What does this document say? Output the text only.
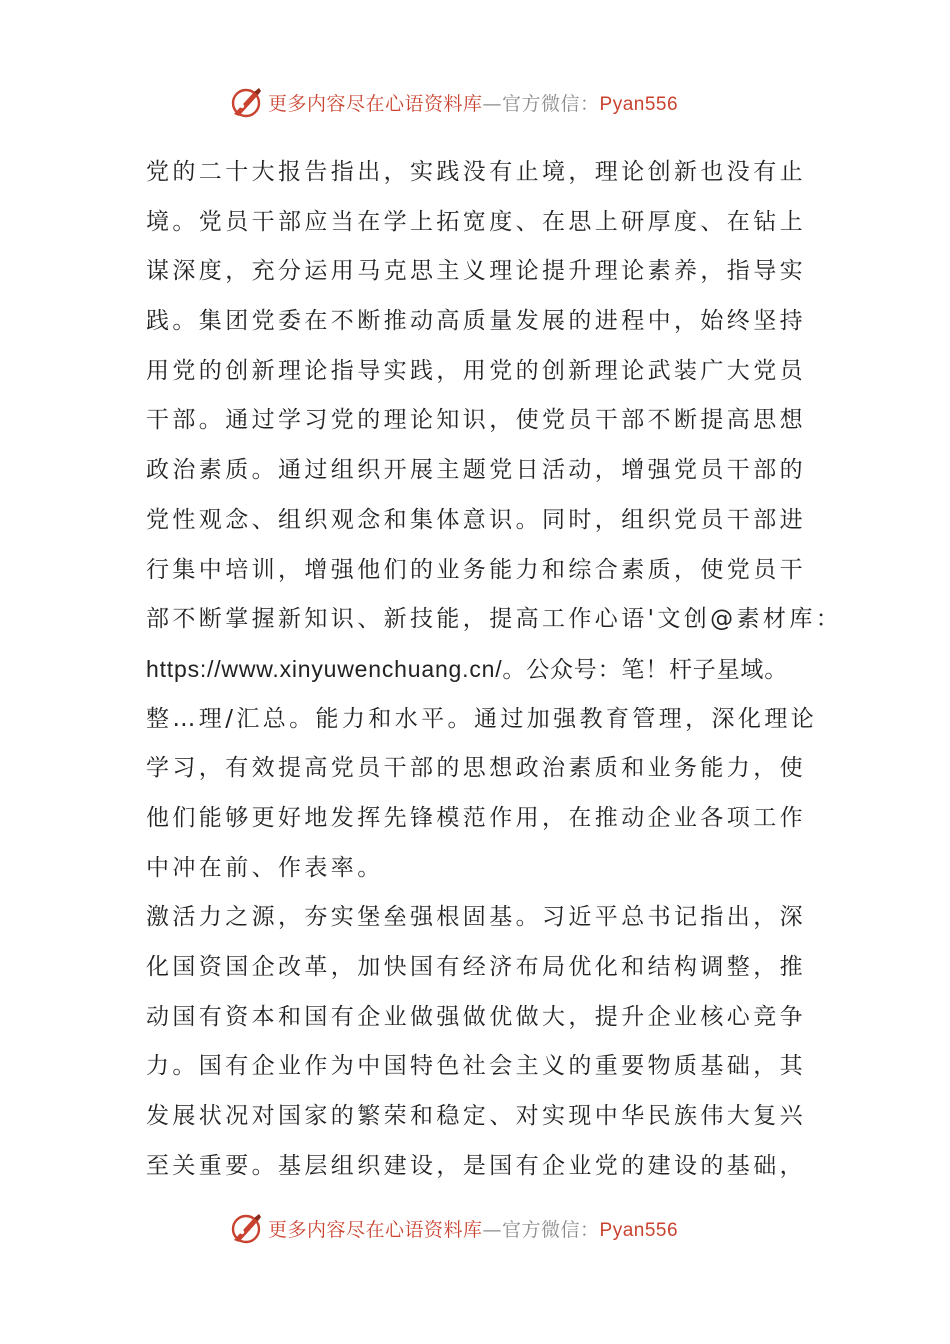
更多内容尽在心语资料库—官方微信：Pyan556
党的二十大报告指出，实践没有止境，理论创新也没有止
境。党员干部应当在学上拓宽度、在思上研厚度、在钻上
谋深度，充分运用马克思主义理论提升理论素养，指导实
践。集团党委在不断推动高质量发展的进程中，始终坚持
用党的创新理论指导实践，用党的创新理论武装广大党员
干部。通过学习党的理论知识，使党员干部不断提高思想
政治素质。通过组织开展主题党日活动，增强党员干部的
党性观念、组织观念和集体意识。同时，组织党员干部进
行集中培训，增强他们的业务能力和综合素质，使党员干
部不断掌握新知识、新技能，提高工作心语'文创@素材库：
https://www.xinyuwenchuang.cn/。公众号：笔！杆子星域。
整…理/汇总。能力和水平。通过加强教育管理，深化理论
学习，有效提高党员干部的思想政治素质和业务能力，使
他们能够更好地发挥先锋模范作用，在推动企业各项工作
中冲在前、作表率。
激活力之源，夯实堡垒强根固基。习近平总书记指出，深
化国资国企改革，加快国有经济布局优化和结构调整，推
动国有资本和国有企业做强做优做大，提升企业核心竞争
力。国有企业作为中国特色社会主义的重要物质基础，其
发展状况对国家的繁荣和稳定、对实现中华民族伟大复兴
至关重要。基层组织建设，是国有企业党的建设的基础，
更多内容尽在心语资料库—官方微信：Pyan556
